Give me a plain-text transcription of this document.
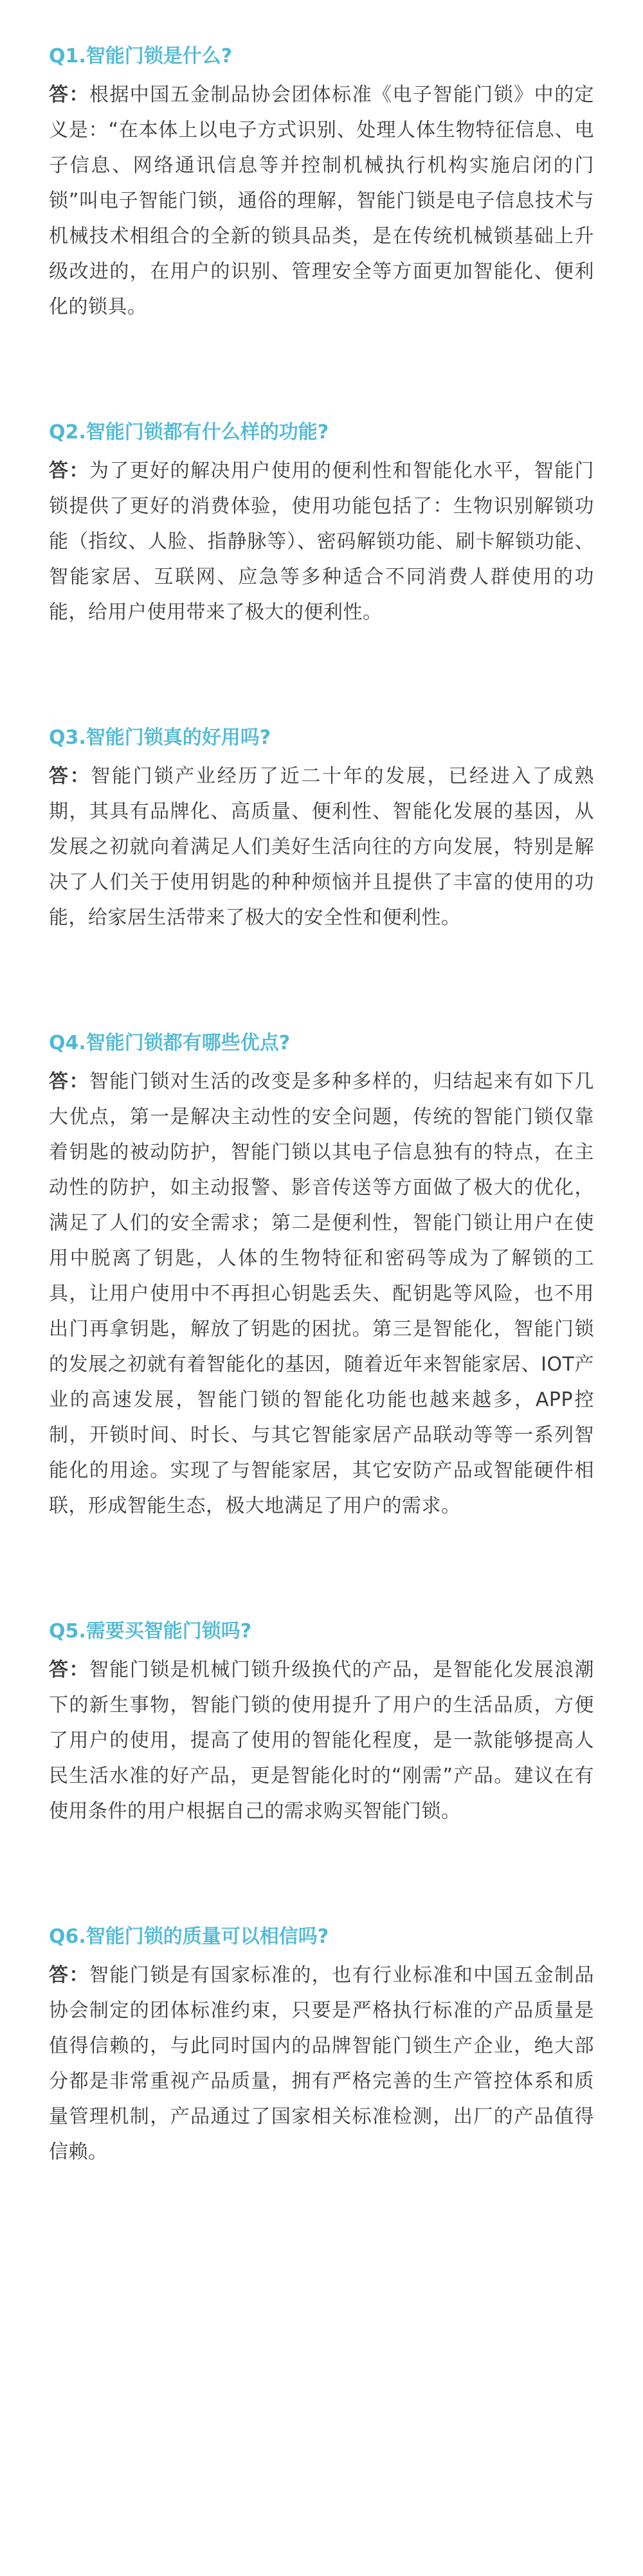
Q1.智能门锁是什么?

答：根据中国五金制品协会团体标准《电子智能门锁》中的定义是：“在本体上以电子方式识别、处理人体生物特征信息、电子信息、网络通讯信息等并控制机械执行机构实施启闭的门锁”叫电子智能门锁，通俗的理解，智能门锁是电子信息技术与机械技术相组合的全新的锁具品类，是在传统机械锁基础上升级改进的，在用户的识别、管理安全等方面更加智能化、便利化的锁具。

Q2.智能门锁都有什么样的功能?

答：为了更好的解决用户使用的便利性和智能化水平，智能门锁提供了更好的消费体验，使用功能包括了：生物识别解锁功能（指纹、人脸、指静脉等）、密码解锁功能、刷卡解锁功能、智能家居、互联网、应急等多种适合不同消费人群使用的功能，给用户使用带来了极大的便利性。

Q3.智能门锁真的好用吗?

答：智能门锁产业经历了近二十年的发展，已经进入了成熟期，其具有品牌化、高质量、便利性、智能化发展的基因，从发展之初就向着满足人们美好生活向往的方向发展，特别是解决了人们关于使用钥匙的种种烦恼并且提供了丰富的使用的功能，给家居生活带来了极大的安全性和便利性。

Q4.智能门锁都有哪些优点?

答：智能门锁对生活的改变是多种多样的，归结起来有如下几大优点，第一是解决主动性的安全问题，传统的智能门锁仅靠着钥匙的被动防护，智能门锁以其电子信息独有的特点，在主动性的防护，如主动报警、影音传送等方面做了极大的优化，满足了人们的安全需求；第二是便利性，智能门锁让用户在使用中脱离了钥匙，人体的生物特征和密码等成为了解锁的工具，让用户使用中不再担心钥匙丢失、配钥匙等风险，也不用出门再拿钥匙，解放了钥匙的困扰。第三是智能化，智能门锁的发展之初就有着智能化的基因，随着近年来智能家居、IOT产业的高速发展，智能门锁的智能化功能也越来越多，APP控制，开锁时间、时长、与其它智能家居产品联动等等一系列智能化的用途。实现了与智能家居，其它安防产品或智能硬件相联，形成智能生态，极大地满足了用户的需求。

Q5.需要买智能门锁吗?

答：智能门锁是机械门锁升级换代的产品，是智能化发展浪潮下的新生事物，智能门锁的使用提升了用户的生活品质，方便了用户的使用，提高了使用的智能化程度，是一款能够提高人民生活水准的好产品，更是智能化时的“刚需”产品。建议在有使用条件的用户根据自己的需求购买智能门锁。

Q6.智能门锁的质量可以相信吗?

答：智能门锁是有国家标准的，也有行业标准和中国五金制品协会制定的团体标准约束，只要是严格执行标准的产品质量是值得信赖的，与此同时国内的品牌智能门锁生产企业，绝大部分都是非常重视产品质量，拥有严格完善的生产管控体系和质量管理机制，产品通过了国家相关标准检测，出厂的产品值得信赖。
